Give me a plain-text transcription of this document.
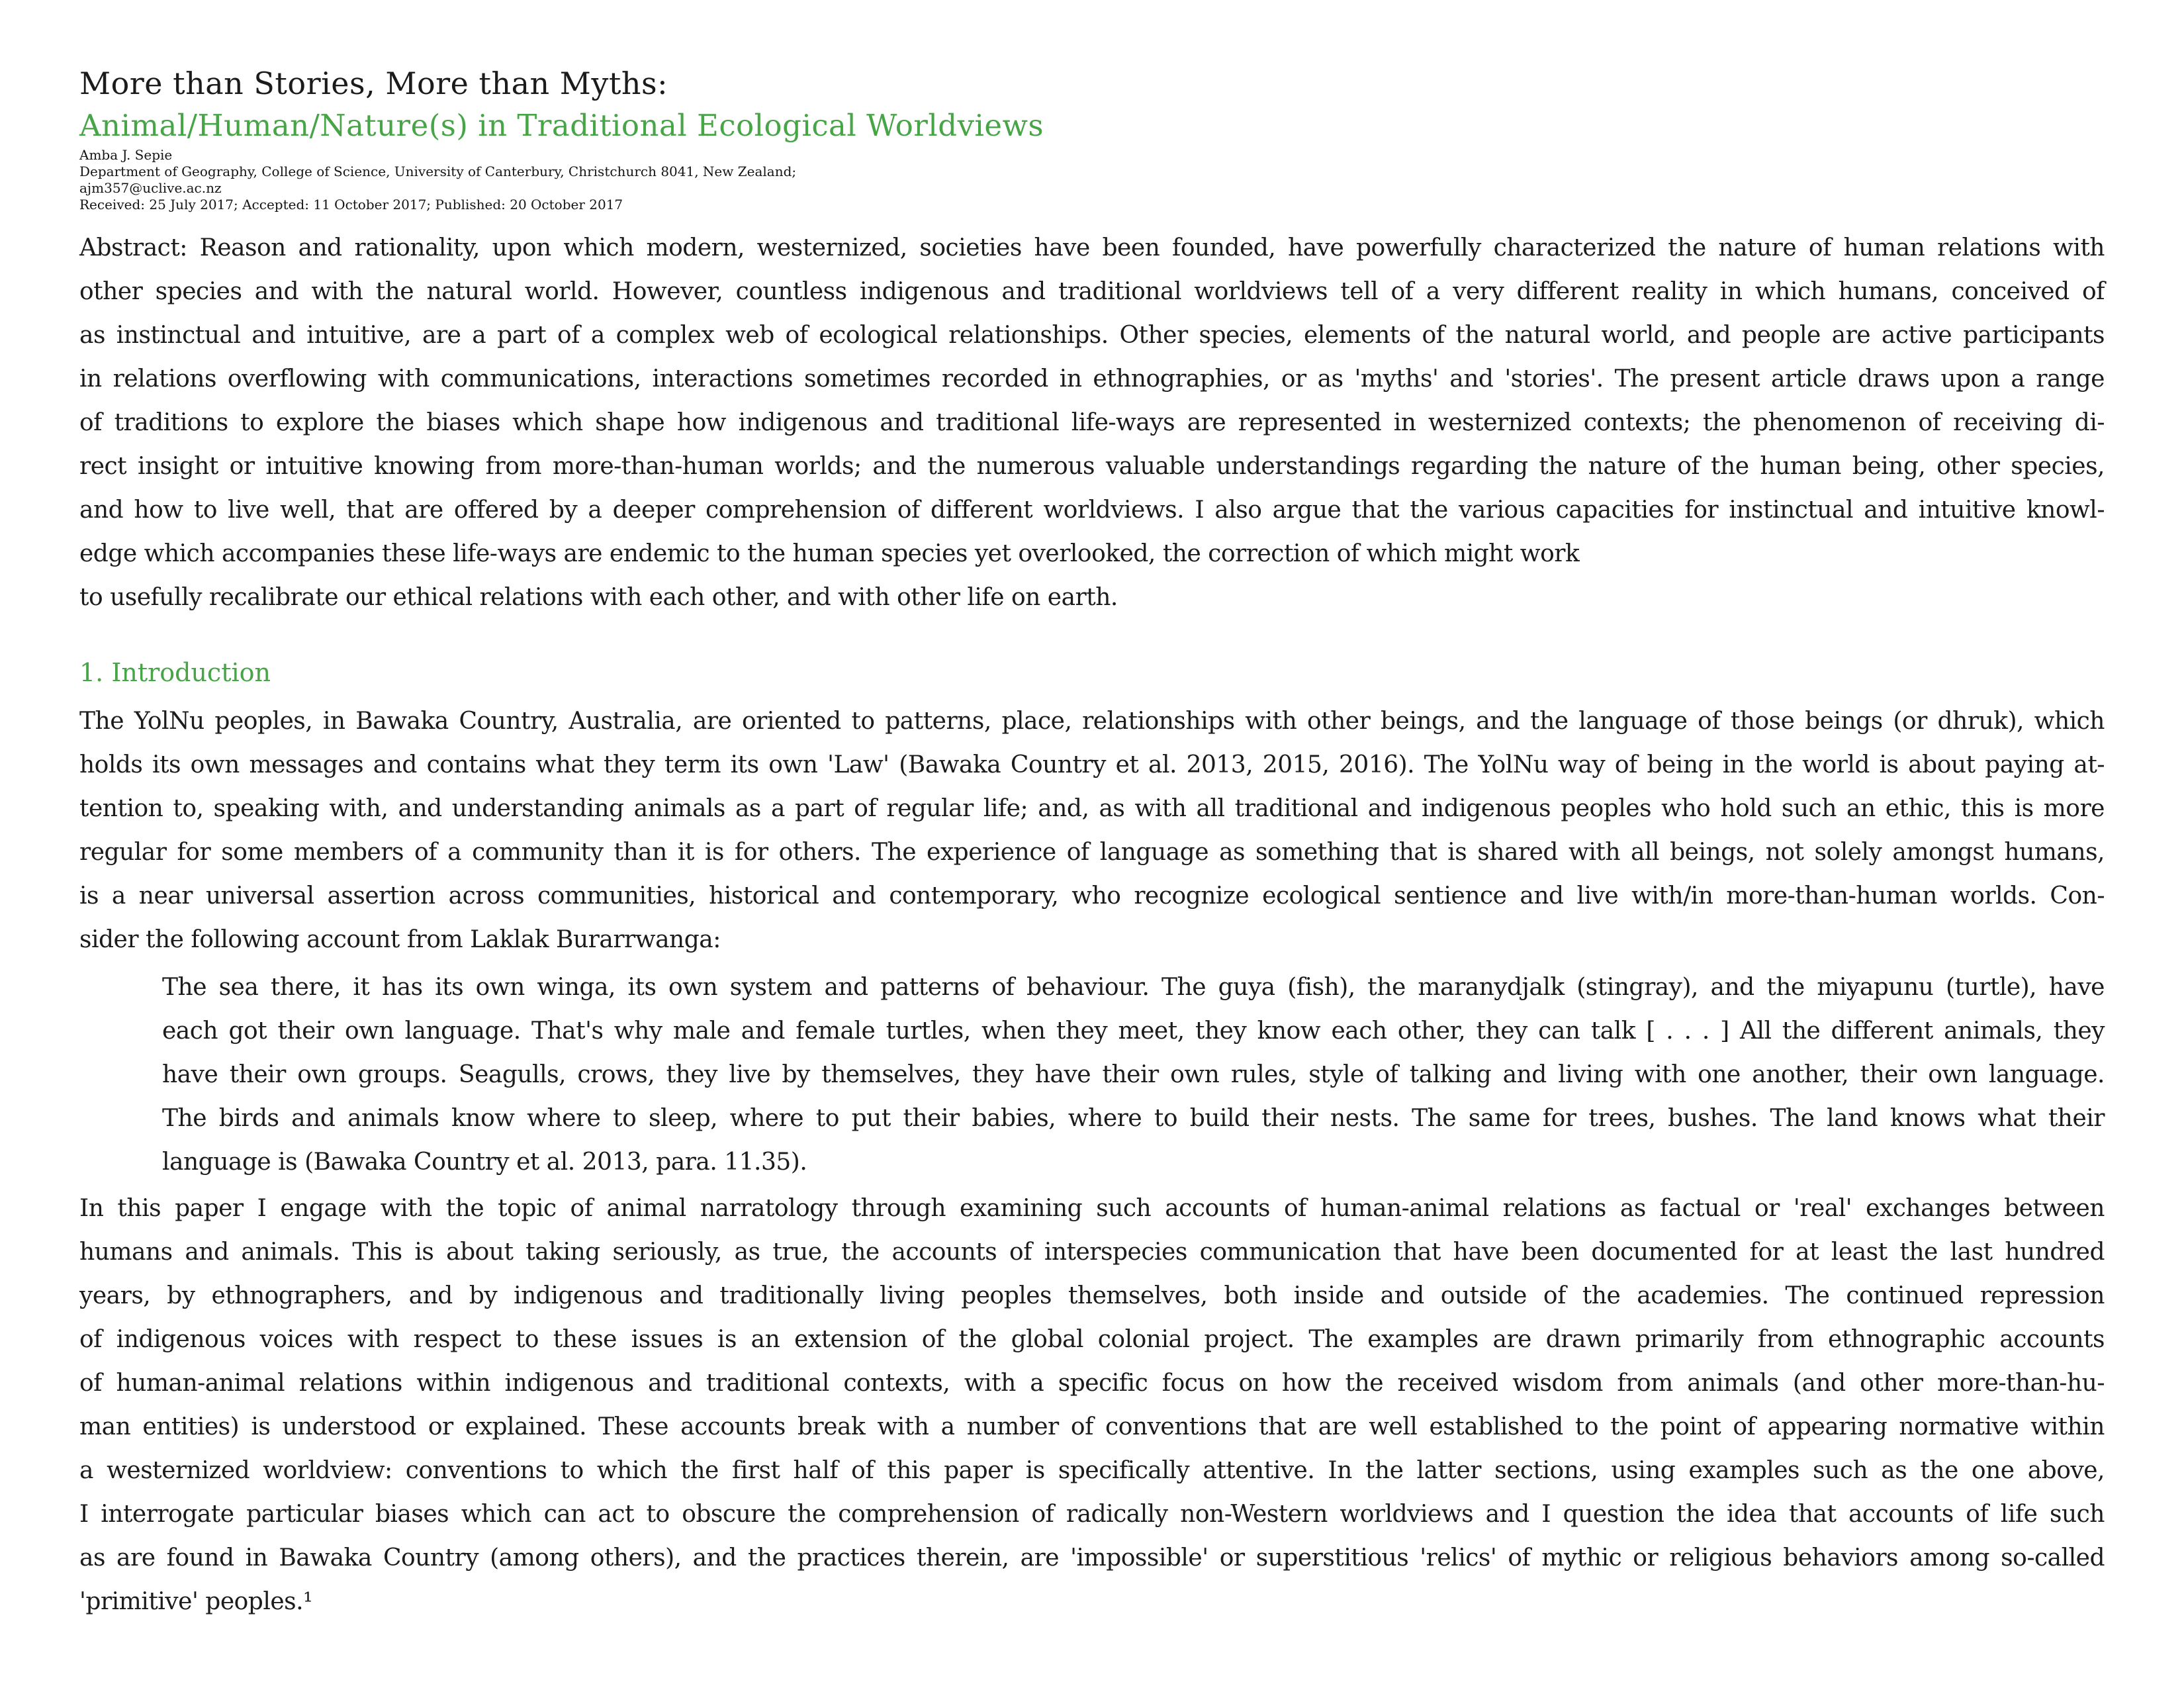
More than Stories, More than Myths:
Animal/Human/Nature(s) in Traditional Ecological Worldviews
Amba J. Sepie
Department of Geography, College of Science, University of Canterbury, Christchurch 8041, New Zealand;
ajm357@uclive.ac.nz
Received: 25 July 2017; Accepted: 11 October 2017; Published: 20 October 2017
Abstract: Reason and rationality, upon which modern, westernized, societies have been founded, have powerfully characterized the nature of human relations with
other species and with the natural world. However, countless indigenous and traditional worldviews tell of a very different reality in which humans, conceived of
as instinctual and intuitive, are a part of a complex web of ecological relationships. Other species, elements of the natural world, and people are active participants
in relations overflowing with communications, interactions sometimes recorded in ethnographies, or as 'myths' and 'stories'. The present article draws upon a range
of traditions to explore the biases which shape how indigenous and traditional life-ways are represented in westernized contexts; the phenomenon of receiving di-
rect insight or intuitive knowing from more-than-human worlds; and the numerous valuable understandings regarding the nature of the human being, other species,
and how to live well, that are offered by a deeper comprehension of different worldviews. I also argue that the various capacities for instinctual and intuitive knowl-
edge which accompanies these life-ways are endemic to the human species yet overlooked, the correction of which might work
to usefully recalibrate our ethical relations with each other, and with other life on earth.
1. Introduction
The YolNu peoples, in Bawaka Country, Australia, are oriented to patterns, place, relationships with other beings, and the language of those beings (or dhruk), which
holds its own messages and contains what they term its own 'Law' (Bawaka Country et al. 2013, 2015, 2016). The YolNu way of being in the world is about paying at-
tention to, speaking with, and understanding animals as a part of regular life; and, as with all traditional and indigenous peoples who hold such an ethic, this is more
regular for some members of a community than it is for others. The experience of language as something that is shared with all beings, not solely amongst humans,
is a near universal assertion across communities, historical and contemporary, who recognize ecological sentience and live with/in more-than-human worlds. Con-
sider the following account from Laklak Burarrwanga:
The sea there, it has its own winga, its own system and patterns of behaviour. The guya (fish), the maranydjalk (stingray), and the miyapunu (turtle), have
each got their own language. That's why male and female turtles, when they meet, they know each other, they can talk [ . . . ] All the different animals, they
have their own groups. Seagulls, crows, they live by themselves, they have their own rules, style of talking and living with one another, their own language.
The birds and animals know where to sleep, where to put their babies, where to build their nests. The same for trees, bushes. The land knows what their
language is (Bawaka Country et al. 2013, para. 11.35).
In this paper I engage with the topic of animal narratology through examining such accounts of human-animal relations as factual or 'real' exchanges between
humans and animals. This is about taking seriously, as true, the accounts of interspecies communication that have been documented for at least the last hundred
years, by ethnographers, and by indigenous and traditionally living peoples themselves, both inside and outside of the academies. The continued repression
of indigenous voices with respect to these issues is an extension of the global colonial project. The examples are drawn primarily from ethnographic accounts
of human-animal relations within indigenous and traditional contexts, with a specific focus on how the received wisdom from animals (and other more-than-hu-
man entities) is understood or explained. These accounts break with a number of conventions that are well established to the point of appearing normative within
a westernized worldview: conventions to which the first half of this paper is specifically attentive. In the latter sections, using examples such as the one above,
I interrogate particular biases which can act to obscure the comprehension of radically non-Western worldviews and I question the idea that accounts of life such
as are found in Bawaka Country (among others), and the practices therein, are 'impossible' or superstitious 'relics' of mythic or religious behaviors among so-called
'primitive' peoples.¹
